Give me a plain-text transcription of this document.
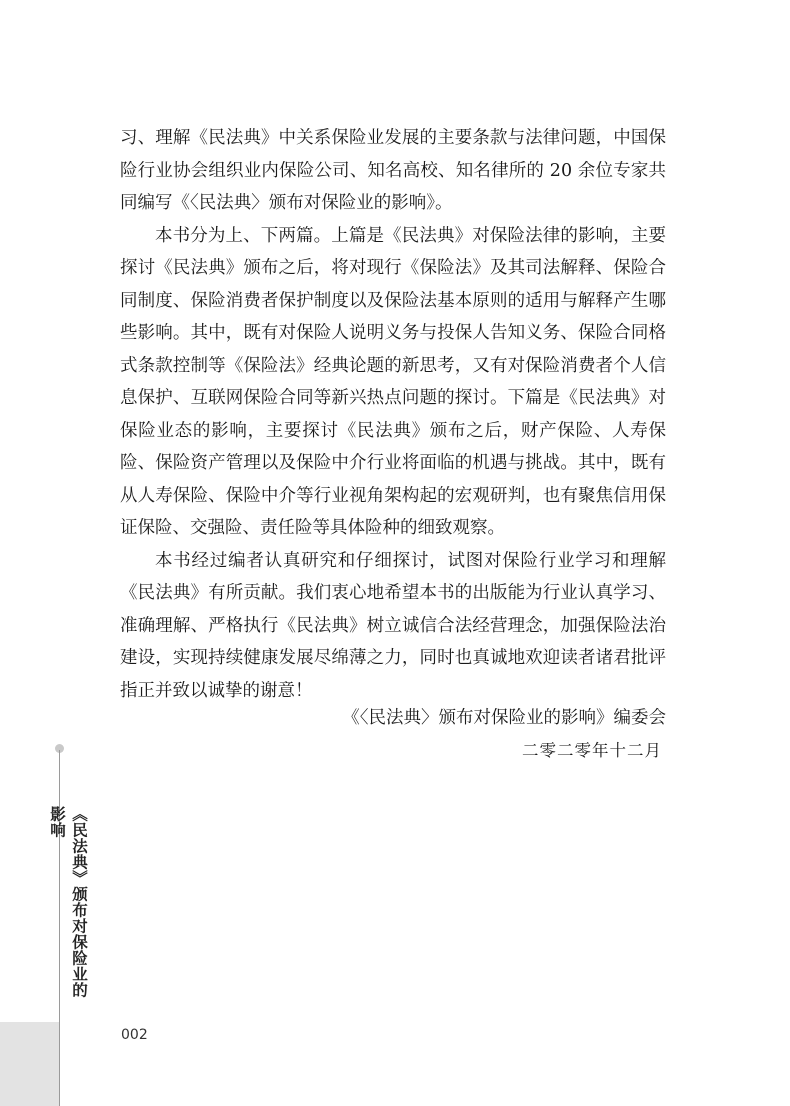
习、理解《民法典》中关系保险业发展的主要条款与法律问题，中国保险行业协会组织业内保险公司、知名高校、知名律所的 20 余位专家共同编写《〈民法典〉颁布对保险业的影响》。

本书分为上、下两篇。上篇是《民法典》对保险法律的影响，主要探讨《民法典》颁布之后，将对现行《保险法》及其司法解释、保险合同制度、保险消费者保护制度以及保险法基本原则的适用与解释产生哪些影响。其中，既有对保险人说明义务与投保人告知义务、保险合同格式条款控制等《保险法》经典论题的新思考，又有对保险消费者个人信息保护、互联网保险合同等新兴热点问题的探讨。下篇是《民法典》对保险业态的影响，主要探讨《民法典》颁布之后，财产保险、人寿保险、保险资产管理以及保险中介行业将面临的机遇与挑战。其中，既有从人寿保险、保险中介等行业视角架构起的宏观研判，也有聚焦信用保证保险、交强险、责任险等具体险种的细致观察。

本书经过编者认真研究和仔细探讨，试图对保险行业学习和理解《民法典》有所贡献。我们衷心地希望本书的出版能为行业认真学习、准确理解、严格执行《民法典》树立诚信合法经营理念，加强保险法治建设，实现持续健康发展尽绵薄之力，同时也真诚地欢迎读者诸君批评指正并致以诚挚的谢意！

《〈民法典〉颁布对保险业的影响》编委会
二零二零年十二月
《民法典》颁布对保险业的影响
002
